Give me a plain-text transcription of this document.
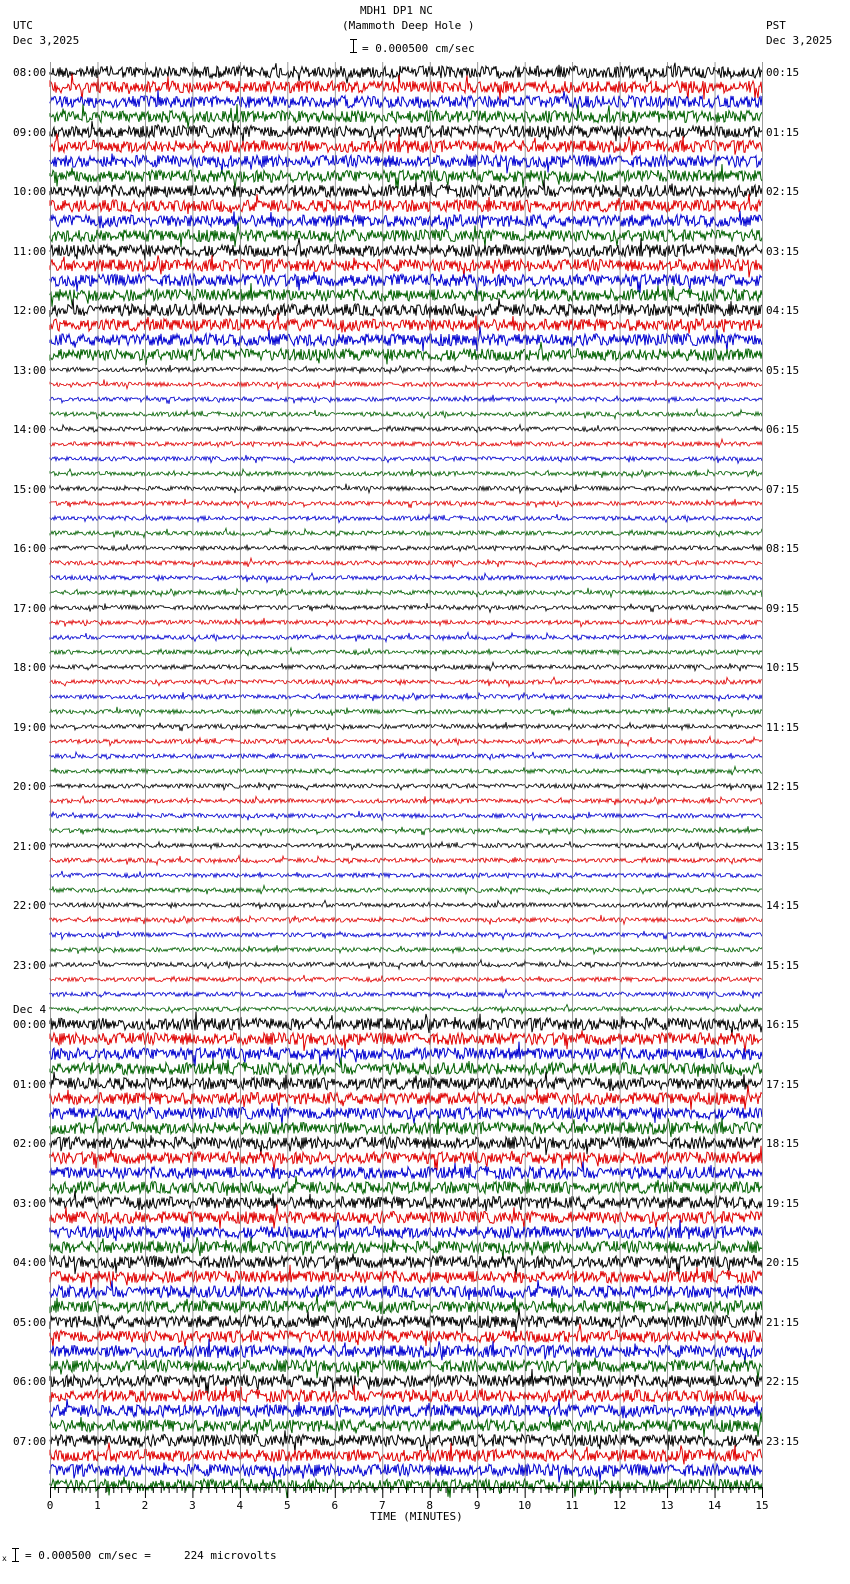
0	1	2	3	4	5	6	7	8	9	10	11	12	13	14	15
MDH1 DP1 NC
(Mammoth Deep Hole )
= 0.000500 cm/sec
UTC
Dec 3,2025
PST
Dec 3,2025
TIME (MINUTES)
= 0.000500 cm/sec =     224 microvolts
x
08:00
09:00
10:00
11:00
12:00
13:00
14:00
15:00
16:00
17:00
18:00
19:00
20:00
21:00
22:00
23:00
00:00
01:00
02:00
03:00
04:00
05:00
06:00
07:00
Dec 4
00:15
01:15
02:15
03:15
04:15
05:15
06:15
07:15
08:15
09:15
10:15
11:15
12:15
13:15
14:15
15:15
16:15
17:15
18:15
19:15
20:15
21:15
22:15
23:15
